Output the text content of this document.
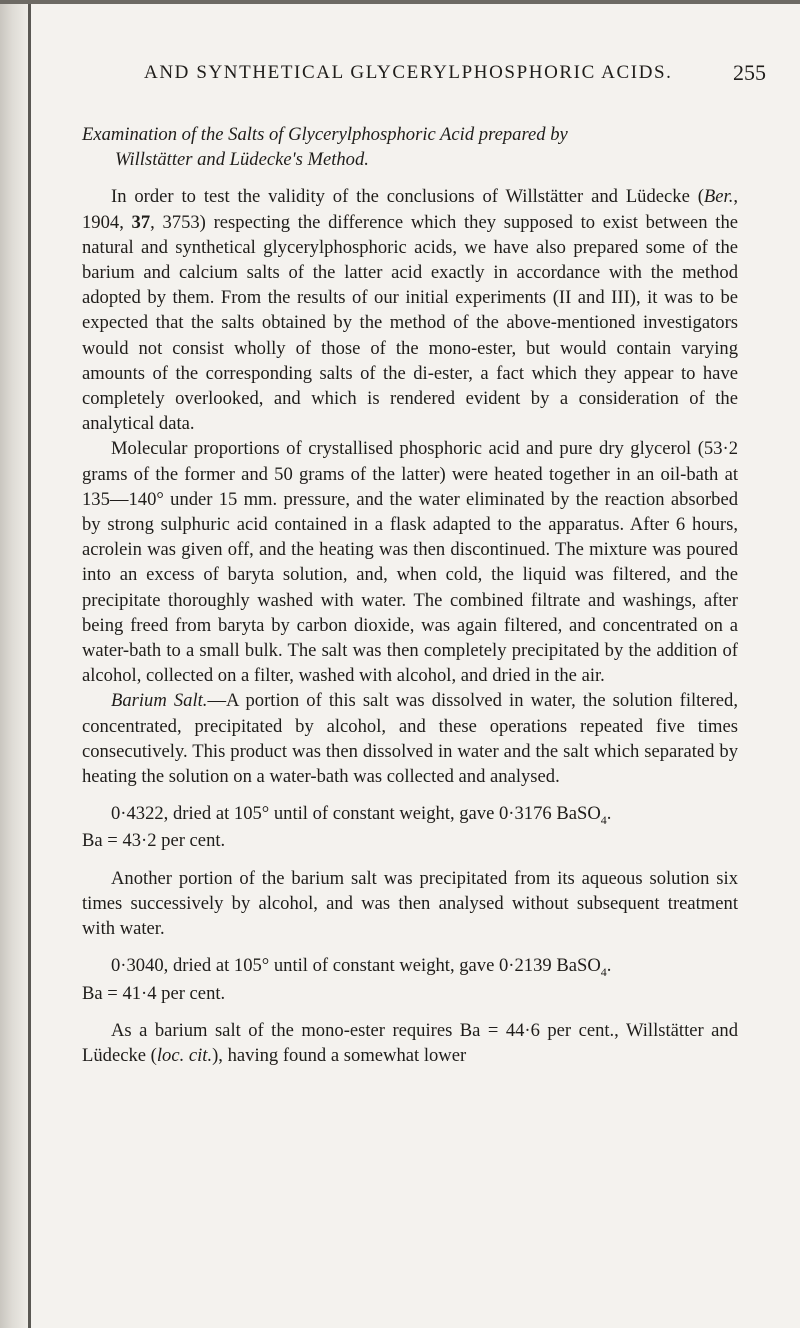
AND SYNTHETICAL GLYCERYLPHOSPHORIC ACIDS.	255
Examination of the Salts of Glycerylphosphoric Acid prepared by
Willstätter and Lüdecke's Method.

In order to test the validity of the conclusions of Willstätter and Lüdecke (Ber., 1904, 37, 3753) respecting the difference which they supposed to exist between the natural and synthetical glycerylphosphoric acids, we have also prepared some of the barium and calcium salts of the latter acid exactly in accordance with the method adopted by them. From the results of our initial experiments (II and III), it was to be expected that the salts obtained by the method of the above-mentioned investigators would not consist wholly of those of the mono-ester, but would contain varying amounts of the corresponding salts of the di-ester, a fact which they appear to have completely overlooked, and which is rendered evident by a consideration of the analytical data.

Molecular proportions of crystallised phosphoric acid and pure dry glycerol (53·2 grams of the former and 50 grams of the latter) were heated together in an oil-bath at 135—140° under 15 mm. pressure, and the water eliminated by the reaction absorbed by strong sulphuric acid contained in a flask adapted to the apparatus. After 6 hours, acrolein was given off, and the heating was then discontinued. The mixture was poured into an excess of baryta solution, and, when cold, the liquid was filtered, and the precipitate thoroughly washed with water. The combined filtrate and washings, after being freed from baryta by carbon dioxide, was again filtered, and concentrated on a water-bath to a small bulk. The salt was then completely precipitated by the addition of alcohol, collected on a filter, washed with alcohol, and dried in the air.

Barium Salt.—A portion of this salt was dissolved in water, the solution filtered, concentrated, precipitated by alcohol, and these operations repeated five times consecutively. This product was then dissolved in water and the salt which separated by heating the solution on a water-bath was collected and analysed.

0·4322, dried at 105° until of constant weight, gave 0·3176 BaSO$_4$.

Ba = 43·2 per cent.

Another portion of the barium salt was precipitated from its aqueous solution six times successively by alcohol, and was then analysed without subsequent treatment with water.

0·3040, dried at 105° until of constant weight, gave 0·2139 BaSO$_4$.

Ba = 41·4 per cent.

As a barium salt of the mono-ester requires Ba = 44·6 per cent., Willstätter and Lüdecke (loc. cit.), having found a somewhat lower
